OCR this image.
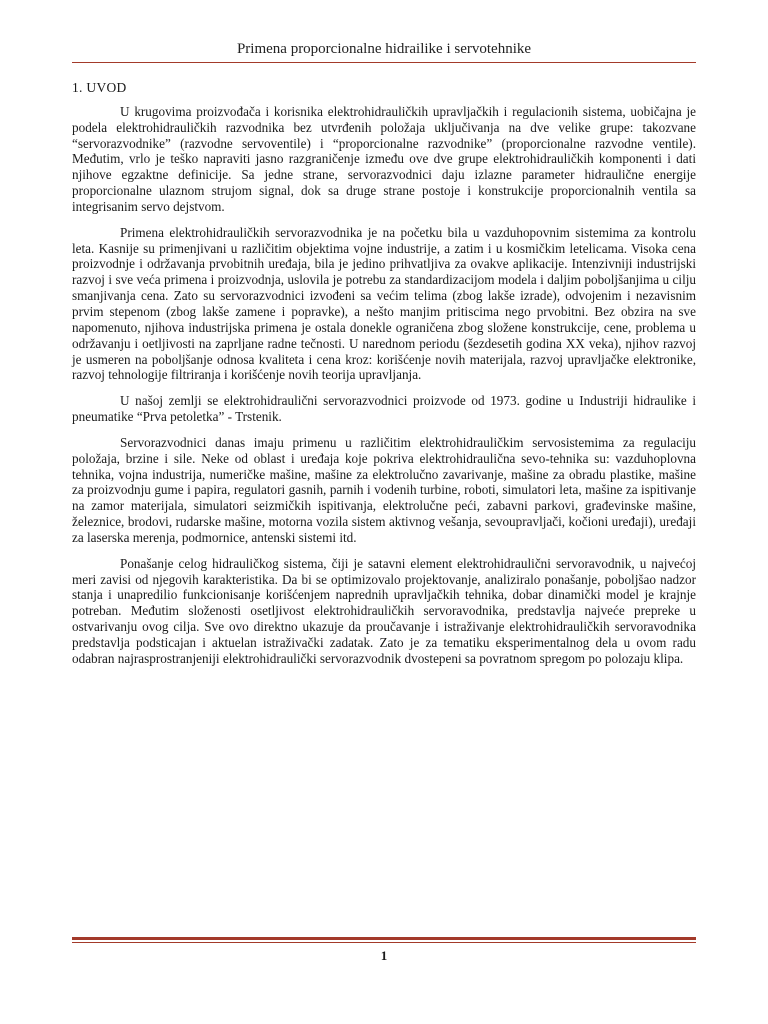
Primena proporcionalne hidrailike i servotehnike
1. UVOD

U krugovima proizvođača i korisnika elektrohidrauličkih upravljačkih i regulacionih sistema, uobičajna je podela elektrohidrauličkih razvodnika bez utvrđenih položaja uključivanja na dve velike grupe: takozvane “servorazvodnike” (razvodne servoventile) i “proporcionalne razvodnike” (proporcionalne razvodne ventile). Međutim, vrlo je teško napraviti jasno razgraničenje između ove dve grupe elektrohidrauličkih komponenti i dati njihove egzaktne definicije. Sa jedne strane, servorazvodnici daju izlazne parameter hidraulične energije proporcionalne ulaznom strujom signal, dok sa druge strane postoje i konstrukcije proporcionalnih ventila sa integrisanim servo dejstvom.

Primena elektrohidrauličkih servorazvodnika je na početku bila u vazduhopovnim sistemima za kontrolu leta. Kasnije su primenjivani u različitim objektima vojne industrije, a zatim i u kosmičkim letelicama. Visoka cena proizvodnje i održavanja prvobitnih uređaja, bila je jedino prihvatljiva za ovakve aplikacije. Intenzivniji industrijski razvoj i sve veća primena i proizvodnja, uslovila je potrebu za standardizacijom modela i daljim poboljšanjima u cilju smanjivanja cena. Zato su servorazvodnici izvođeni sa većim telima (zbog lakše izrade), odvojenim i nezavisnim prvim stepenom (zbog lakše zamene i popravke), a nešto manjim pritiscima nego prvobitni. Bez obzira na sve napomenuto, njihova industrijska primena je ostala donekle ograničena zbog složene konstrukcije, cene, problema u održavanju i oetljivosti na zaprljane radne tečnosti. U narednom periodu (šezdesetih godina XX veka), njihov razvoj je usmeren na poboljšanje odnosa kvaliteta i cena kroz: korišćenje novih materijala, razvoj upravljačke elektronike, razvoj tehnologije filtriranja i korišćenje novih teorija upravljanja.

U našoj zemlji se elektrohidraulični servorazvodnici proizvode od 1973. godine u Industriji hidraulike i pneumatike “Prva petoletka” - Trstenik.

Servorazvodnici danas imaju primenu u različitim elektrohidrauličkim servosistemima za regulaciju položaja, brzine i sile. Neke od oblast i uređaja koje pokriva elektrohidraulična sevo-tehnika su: vazduhoplovna tehnika, vojna industrija, numeričke mašine, mašine za elektrolučno zavarivanje, mašine za obradu plastike, mašine za proizvodnju gume i papira, regulatori gasnih, parnih i vodenih turbine, roboti, simulatori leta, mašine za ispitivanje na zamor materijala, simulatori seizmičkih ispitivanja, elektrolučne peći, zabavni parkovi, građevinske mašine, železnice, brodovi, rudarske mašine, motorna vozila sistem aktivnog vešanja, sevoupravljači, kočioni uređaji), uređaji za laserska merenja, podmornice, antenski sistemi itd.

Ponašanje celog hidrauličkog sistema, čiji je satavni element elektrohidraulični servoravodnik, u najvećoj meri zavisi od njegovih karakteristika. Da bi se optimizovalo projektovanje, analiziralo ponašanje, poboljšao nadzor stanja i unapredilio funkcionisanje korišćenjem naprednih upravljačkih tehnika, dobar dinamički model je krajnje potreban. Međutim složenosti osetljivost elektrohidrauličkih servoravodnika, predstavlja najveće prepreke u ostvarivanju ovog cilja. Sve ovo direktno ukazuje da proučavanje i istraživanje elektrohidrauličkih servoravodnika predstavlja podsticajan i aktuelan istraživački zadatak. Zato je za tematiku eksperimentalnog dela u ovom radu odabran najrasprostranjeniji elektrohidraulički servorazvodnik dvostepeni sa povratnom spregom po polozaju klipa.

1
